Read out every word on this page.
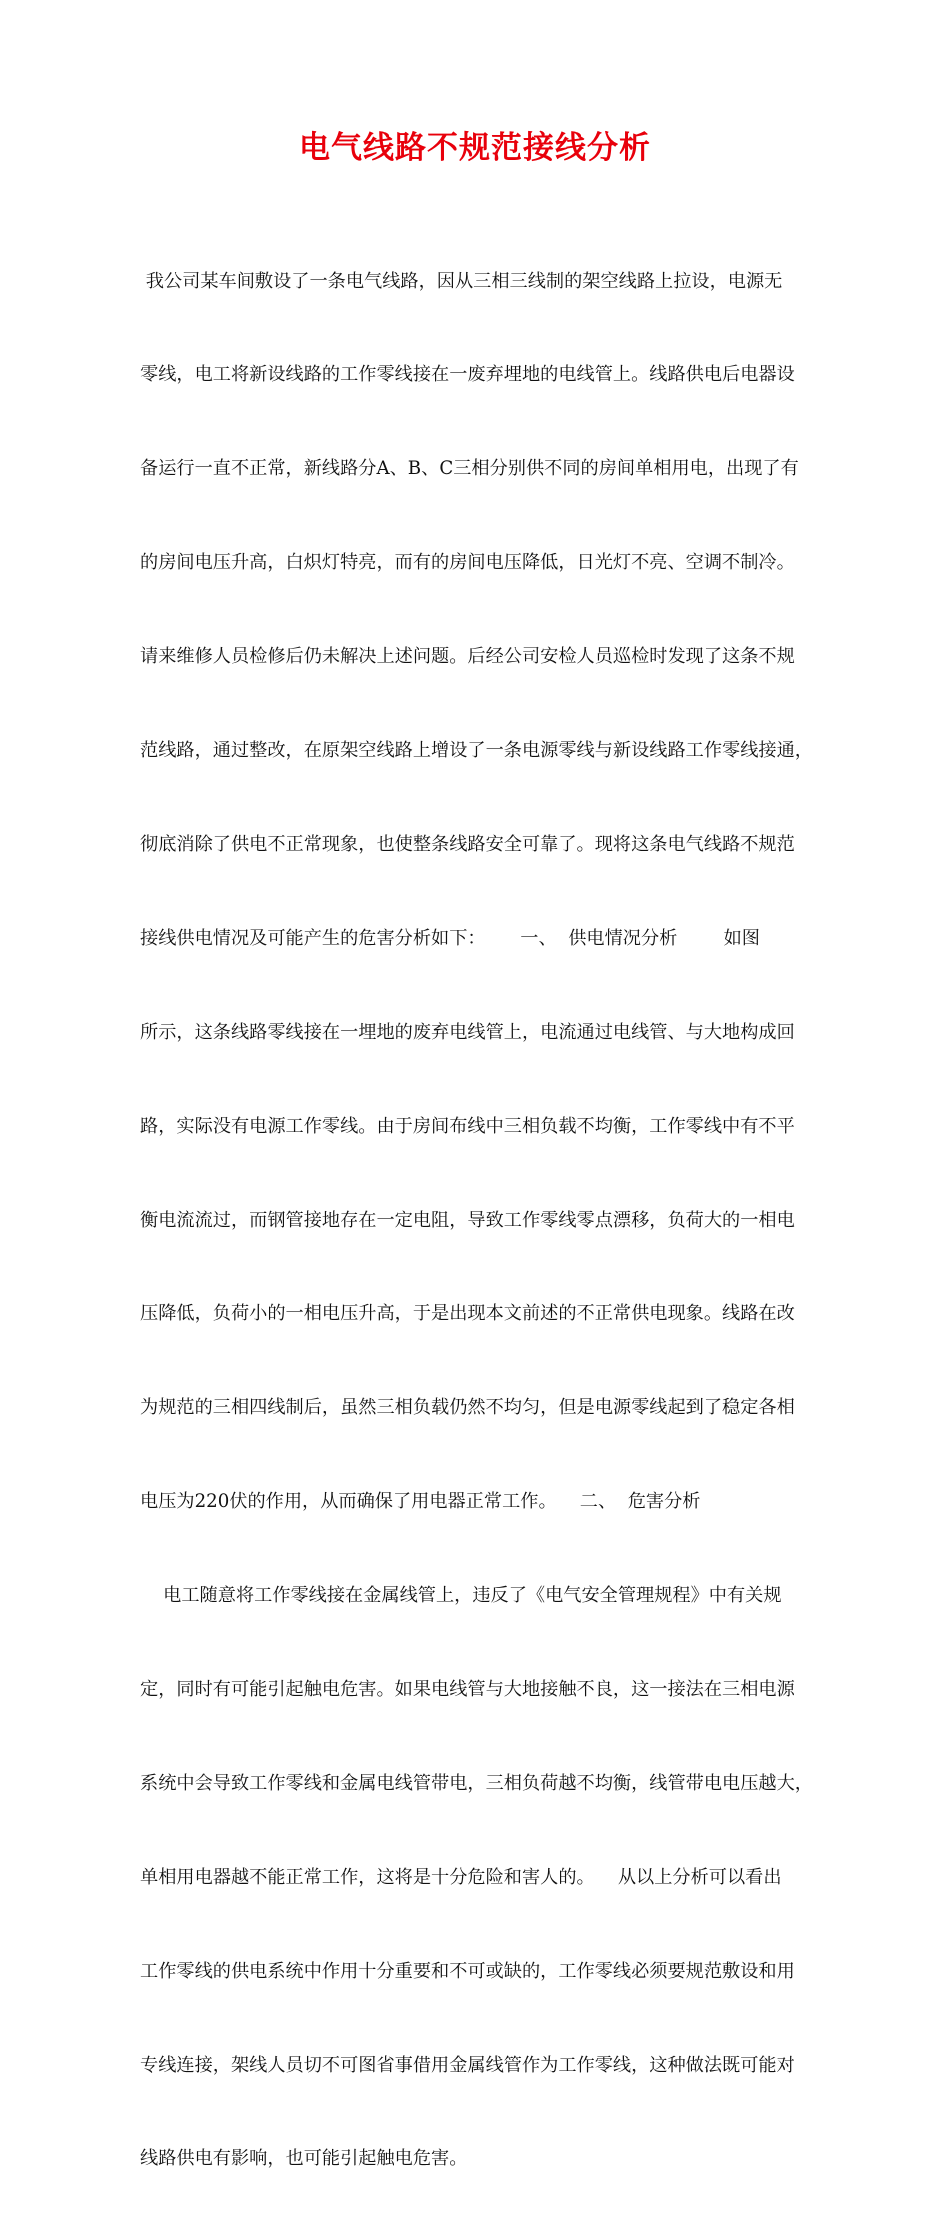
电气线路不规范接线分析

我公司某车间敷设了一条电气线路，因从三相三线制的架空线路上拉设，电源无

零线，电工将新设线路的工作零线接在一废弃埋地的电线管上。线路供电后电器设

备运行一直不正常，新线路分A、B、C三相分别供不同的房间单相用电，出现了有

的房间电压升高，白炽灯特亮，而有的房间电压降低，日光灯不亮、空调不制冷。

请来维修人员检修后仍未解决上述问题。后经公司安检人员巡检时发现了这条不规

范线路，通过整改，在原架空线路上增设了一条电源零线与新设线路工作零线接通，

彻底消除了供电不正常现象，也使整条线路安全可靠了。现将这条电气线路不规范

接线供电情况及可能产生的危害分析如下：      一、  供电情况分析        如图

所示，这条线路零线接在一埋地的废弃电线管上，电流通过电线管、与大地构成回

路，实际没有电源工作零线。由于房间布线中三相负载不均衡，工作零线中有不平

衡电流流过，而钢管接地存在一定电阻，导致工作零线零点漂移，负荷大的一相电

压降低，负荷小的一相电压升高，于是出现本文前述的不正常供电现象。线路在改

为规范的三相四线制后，虽然三相负载仍然不均匀，但是电源零线起到了稳定各相

电压为220伏的作用，从而确保了用电器正常工作。    二、  危害分析

电工随意将工作零线接在金属线管上，违反了《电气安全管理规程》中有关规

定，同时有可能引起触电危害。如果电线管与大地接触不良，这一接法在三相电源

系统中会导致工作零线和金属电线管带电，三相负荷越不均衡，线管带电电压越大，

单相用电器越不能正常工作，这将是十分危险和害人的。    从以上分析可以看出

工作零线的供电系统中作用十分重要和不可或缺的，工作零线必须要规范敷设和用

专线连接，架线人员切不可图省事借用金属线管作为工作零线，这种做法既可能对

线路供电有影响，也可能引起触电危害。
